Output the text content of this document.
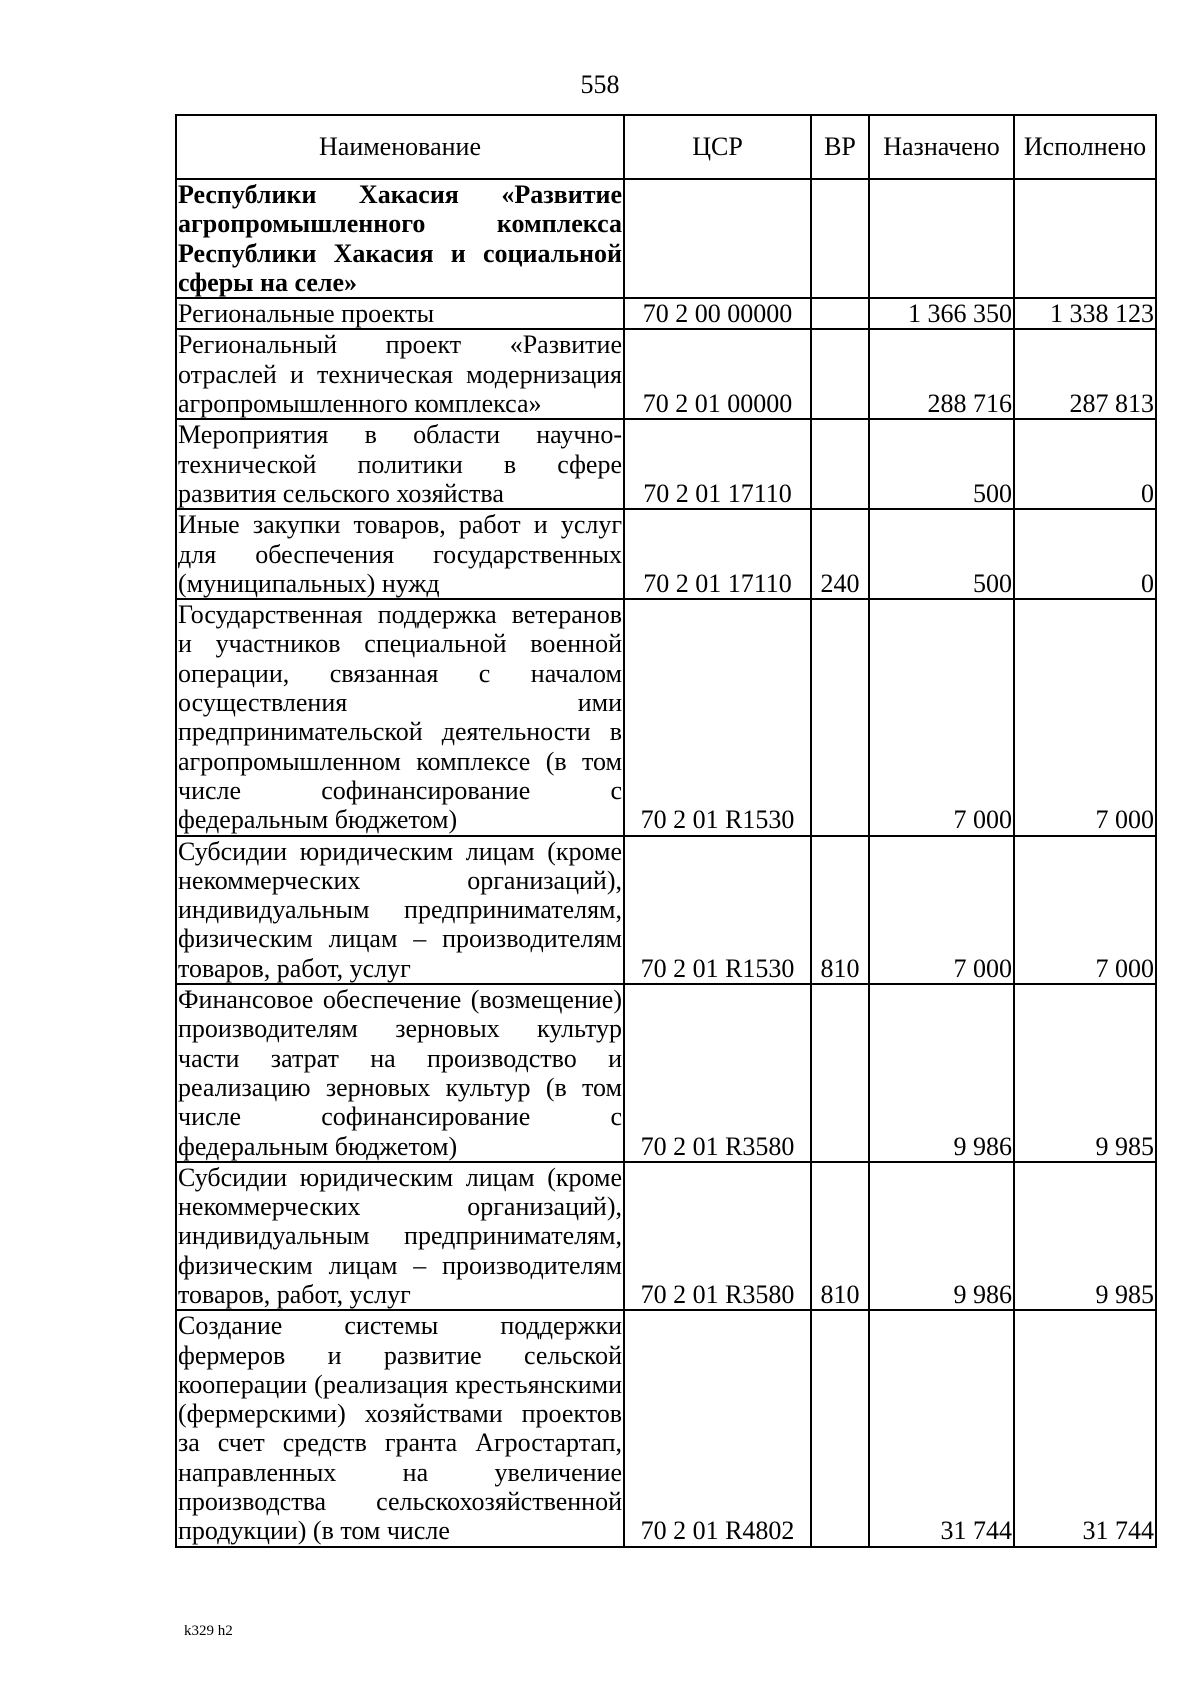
558
Наименование	ЦСР	ВР	Назначено	Исполнено
Республики Хакасия «Развитие агропромышленного комплекса Республики Хакасия и социальной сферы на селе»				
Региональные проекты	70 2 00 00000		1 366 350	1 338 123
Региональный проект «Развитие отраслей и техническая модернизация агропромышленного комплекса»	70 2 01 00000		288 716	287 813
Мероприятия в области научно-технической политики в сфере развития сельского хозяйства	70 2 01 17110		500	0
Иные закупки товаров, работ и услуг для обеспечения государственных (муниципальных) нужд	70 2 01 17110	240	500	0
Государственная поддержка ветеранов и участников специальной военной операции, связанная с началом осуществления ими предпринимательской деятельности в агропромышленном комплексе (в том числе софинансирование с федеральным бюджетом)	70 2 01 R1530		7 000	7 000
Субсидии юридическим лицам (кроме некоммерческих организаций), индивидуальным предпринимателям, физическим лицам – производителям товаров, работ, услуг	70 2 01 R1530	810	7 000	7 000
Финансовое обеспечение (возмещение) производителям зерновых культур части затрат на производство и реализацию зерновых культур (в том числе софинансирование с федеральным бюджетом)	70 2 01 R3580		9 986	9 985
Субсидии юридическим лицам (кроме некоммерческих организаций), индивидуальным предпринимателям, физическим лицам – производителям товаров, работ, услуг	70 2 01 R3580	810	9 986	9 985
Создание системы поддержки фермеров и развитие сельской кооперации (реализация крестьянскими (фермерскими) хозяйствами проектов за счет средств гранта Агростартап, направленных на увеличение производства сельскохозяйственной продукции) (в том числе	70 2 01 R4802		31 744	31 744
k329 h2
